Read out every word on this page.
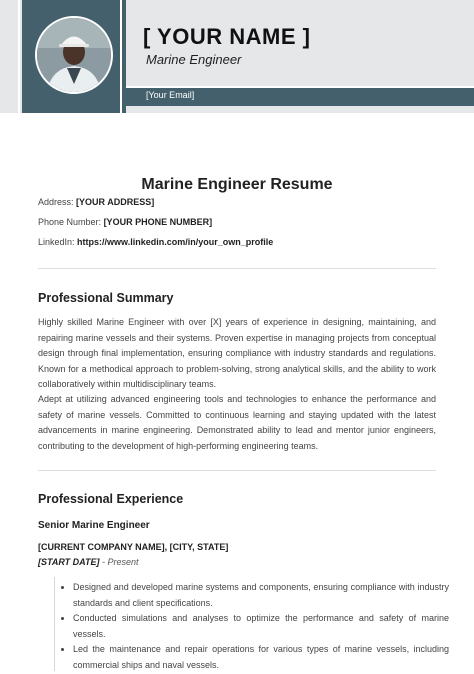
[ YOUR NAME ]
Marine Engineer
[Your Email]
Marine Engineer Resume
Address: [YOUR ADDRESS]
Phone Number: [YOUR PHONE NUMBER]
LinkedIn: https://www.linkedin.com/in/your_own_profile
Professional Summary
Highly skilled Marine Engineer with over [X] years of experience in designing, maintaining, and repairing marine vessels and their systems. Proven expertise in managing projects from conceptual design through final implementation, ensuring compliance with industry standards and regulations. Known for a methodical approach to problem-solving, strong analytical skills, and the ability to work collaboratively within multidisciplinary teams.
Adept at utilizing advanced engineering tools and technologies to enhance the performance and safety of marine vessels. Committed to continuous learning and staying updated with the latest advancements in marine engineering. Demonstrated ability to lead and mentor junior engineers, contributing to the development of high-performing engineering teams.
Professional Experience
Senior Marine Engineer
[CURRENT COMPANY NAME], [CITY, STATE]
[START DATE] - Present
• Designed and developed marine systems and components, ensuring compliance with industry standards and client specifications.
• Conducted simulations and analyses to optimize the performance and safety of marine vessels.
• Led the maintenance and repair operations for various types of marine vessels, including commercial ships and naval vessels.
